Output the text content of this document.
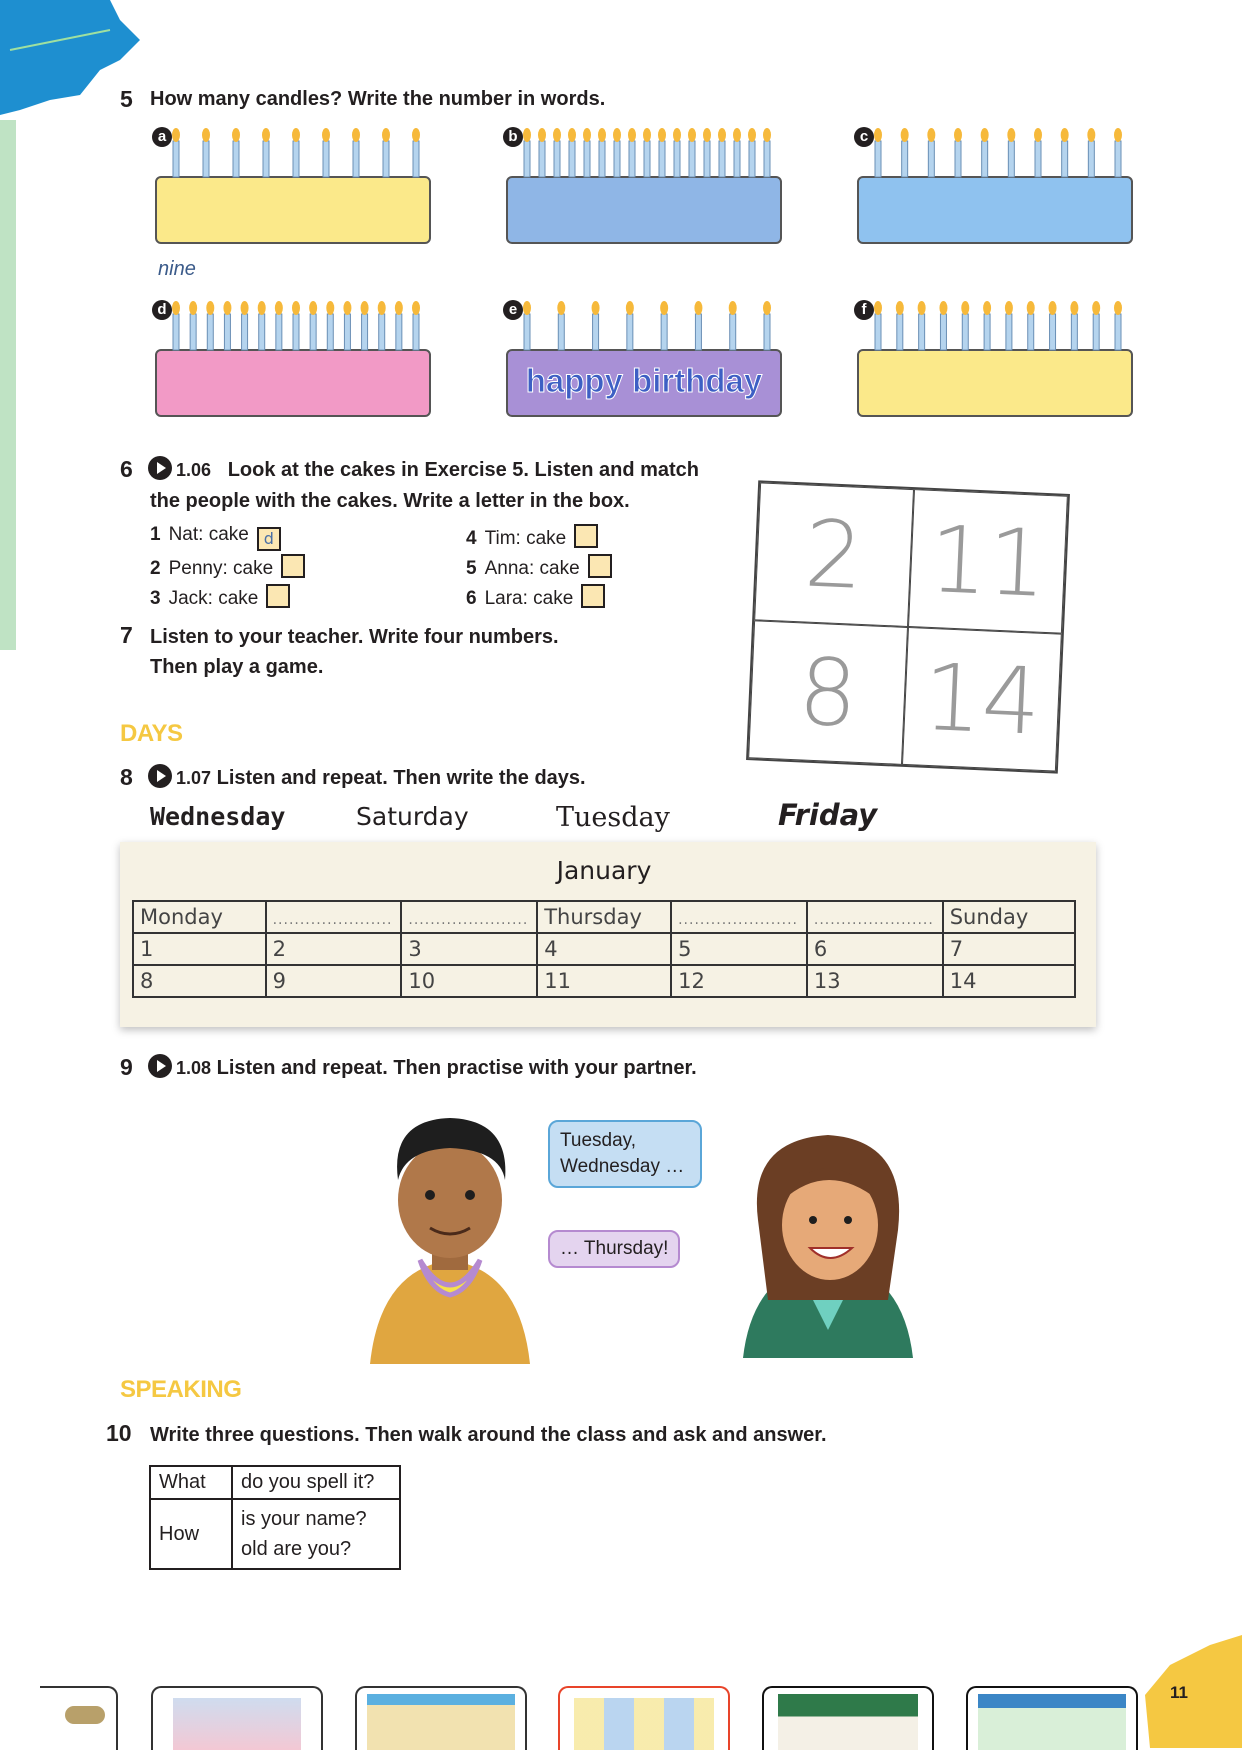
11
5 How many candles? Write the number in words.
a	b	c
d	e
happy birthday
f
nine
6	1.06 Look at the cakes in Exercise 5. Listen and match
the people with the cakes. Write a letter in the box.
1 Nat: cake d
2 Penny: cake
3 Jack: cake
4 Tim: cake
5 Anna: cake
6 Lara: cake	2 11
8 14
7 Listen to your teacher. Write four numbers.
Then play a game.
DAYS
8	1.07 Listen and repeat. Then write the days.
Wednesday	Saturday	Tuesday	Friday
January
Monday	......................	......................	Thursday	......................	......................	Sunday
1	2	3	4	5	6	7
8	9	10	11	12	13	14
9	1.08 Listen and repeat. Then practise with your partner.
Tuesday,
Wednesday …
… Thursday!
SPEAKING
10 Write three questions. Then walk around the class and ask and answer.
What	do you spell it?
How	is your name?
old are you?
